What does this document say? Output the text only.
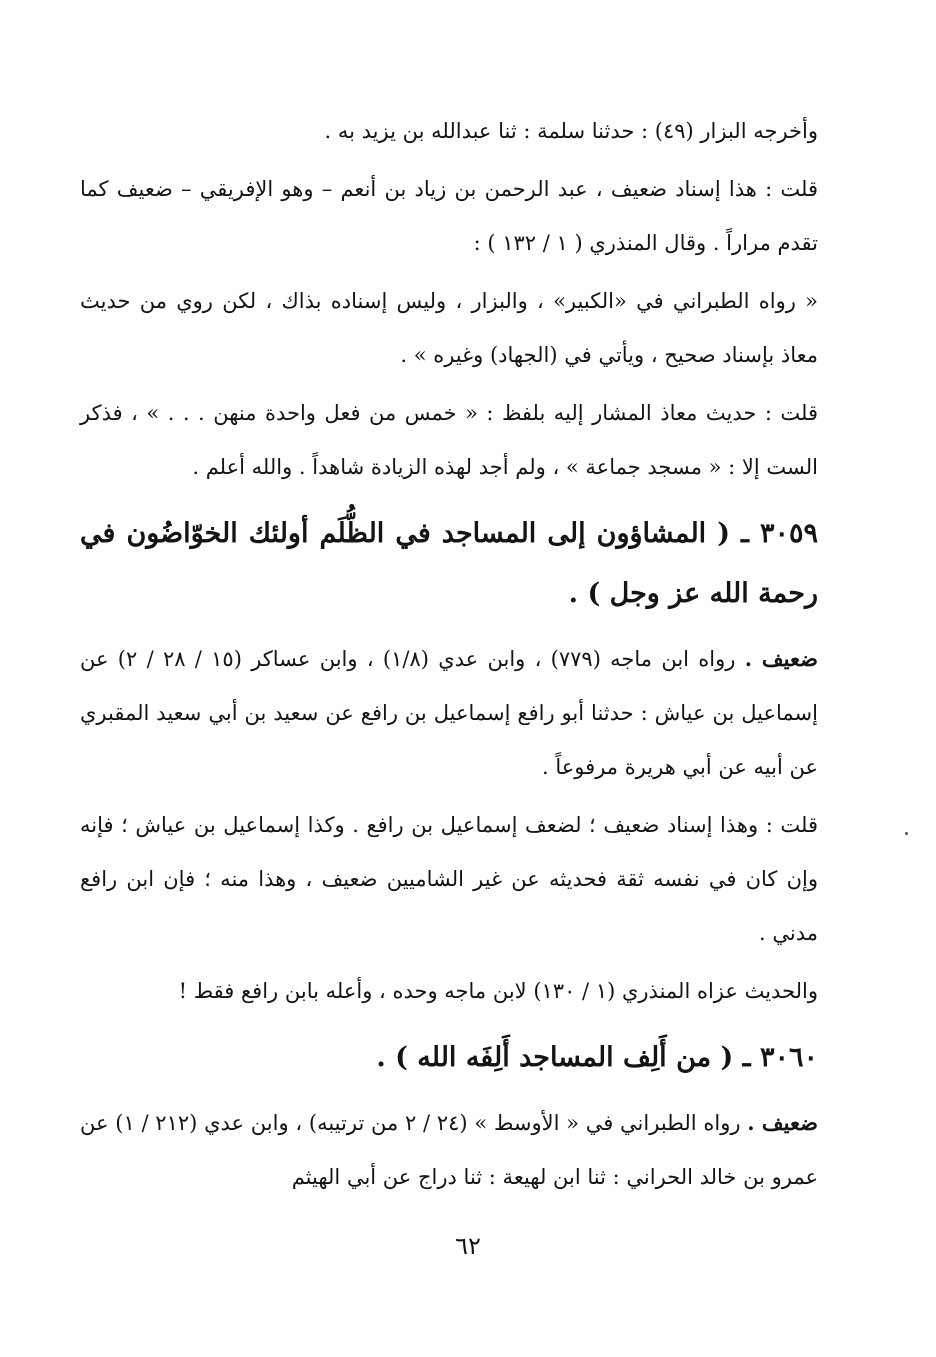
وأخرجه البزار (٤٩) : حدثنا سلمة : ثنا عبدالله بن يزيد به .

قلت : هذا إسناد ضعيف ، عبد الرحمن بن زياد بن أنعم – وهو الإفريقي – ضعيف كما تقدم مراراً . وقال المنذري ( ١ / ١٣٢ ) :

« رواه الطبراني في «الكبير» ، والبزار ، وليس إسناده بذاك ، لكن روي من حديث معاذ بإسناد صحيح ، ويأتي في (الجهاد) وغيره » .

قلت : حديث معاذ المشار إليه بلفظ : « خمس من فعل واحدة منهن . . . » ، فذكر الست إلا : « مسجد جماعة » ، ولم أجد لهذه الزيادة شاهداً . والله أعلم .

٣٠٥٩ ـ ( المشاؤون إلى المساجد في الظُّلَم أولئك الخوّاضُون في رحمة الله عز وجل ) .

ضعيف . رواه ابن ماجه (٧٧٩) ، وابن عدي (١/٨) ، وابن عساكر (١٥ / ٢٨ / ٢) عن إسماعيل بن عياش : حدثنا أبو رافع إسماعيل بن رافع عن سعيد بن أبي سعيد المقبري عن أبيه عن أبي هريرة مرفوعاً .

قلت : وهذا إسناد ضعيف ؛ لضعف إسماعيل بن رافع . وكذا إسماعيل بن عياش ؛ فإنه وإن كان في نفسه ثقة فحديثه عن غير الشاميين ضعيف ، وهذا منه ؛ فإن ابن رافع مدني .

والحديث عزاه المنذري (١ / ١٣٠) لابن ماجه وحده ، وأعله بابن رافع فقط !

٣٠٦٠ ـ ( من أَلِف المساجد أَلِفَه الله ) .

ضعيف . رواه الطبراني في « الأوسط » (٢٤ / ٢ من ترتيبه) ، وابن عدي (٢١٢ / ١) عن عمرو بن خالد الحراني : ثنا ابن لهيعة : ثنا دراج عن أبي الهيثم

٦٢
